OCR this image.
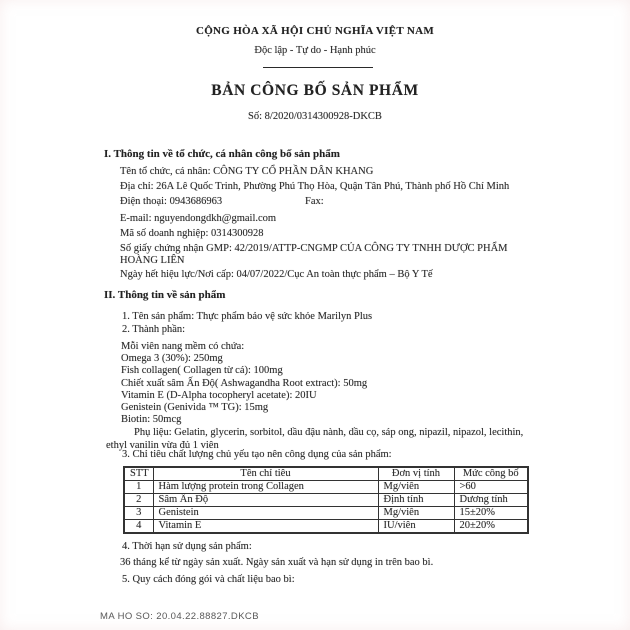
CỘNG HÒA XÃ HỘI CHỦ NGHĨA VIỆT NAM
Độc lập - Tự do - Hạnh phúc
BẢN CÔNG BỐ SẢN PHẨM
Số: 8/2020/0314300928-DKCB
I. Thông tin về tổ chức, cá nhân công bố sản phẩm
Tên tổ chức, cá nhân: CÔNG TY CỔ PHẦN DÂN KHANG
Địa chỉ: 26A Lê Quốc Trinh, Phường Phú Thọ Hòa, Quận Tân Phú, Thành phố Hồ Chí Minh
Điện thoại: 0943686963	Fax:
E-mail: nguyendongdkh@gmail.com
Mã số doanh nghiệp: 0314300928
Số giấy chứng nhận GMP: 42/2019/ATTP-CNGMP CỦA CÔNG TY TNHH DƯỢC PHẨM
HOÀNG LIÊN
Ngày hết hiệu lực/Nơi cấp: 04/07/2022/Cục An toàn thực phẩm – Bộ Y Tế
II. Thông tin về sản phẩm
1. Tên sản phẩm: Thực phẩm bảo vệ sức khỏe Marilyn Plus
2. Thành phần:
Mỗi viên nang mềm có chứa:
Omega 3 (30%): 250mg
Fish collagen( Collagen từ cá): 100mg
Chiết xuất sâm Ấn Độ( Ashwagandha Root extract): 50mg
Vitamin E (D-Alpha tocopheryl acetate): 20IU
Genistein (Genivida ™ TG): 15mg
Biotin: 50mcg
Phụ liệu: Gelatin, glycerin, sorbitol, dầu đậu nành, dầu cọ, sáp ong, nipazil, nipazol, lecithin,
ethyl vanilin vừa đủ 1 viên
3. Chỉ tiêu chất lượng chủ yếu tạo nên công dụng của sản phẩm:
STT	Tên chỉ tiêu	Đơn vị tính	Mức công bố
1	Hàm lượng protein trong Collagen	Mg/viên	>60
2	Sâm Ấn Độ	Định tính	Dương tính
3	Genistein	Mg/viên	15±20%
4	Vitamin E	IU/viên	20±20%
4. Thời hạn sử dụng sản phẩm:
36 tháng kể từ ngày sản xuất. Ngày sản xuất và hạn sử dụng in trên bao bì.
5. Quy cách đóng gói và chất liệu bao bì:
MA HO SO: 20.04.22.88827.DKCB
